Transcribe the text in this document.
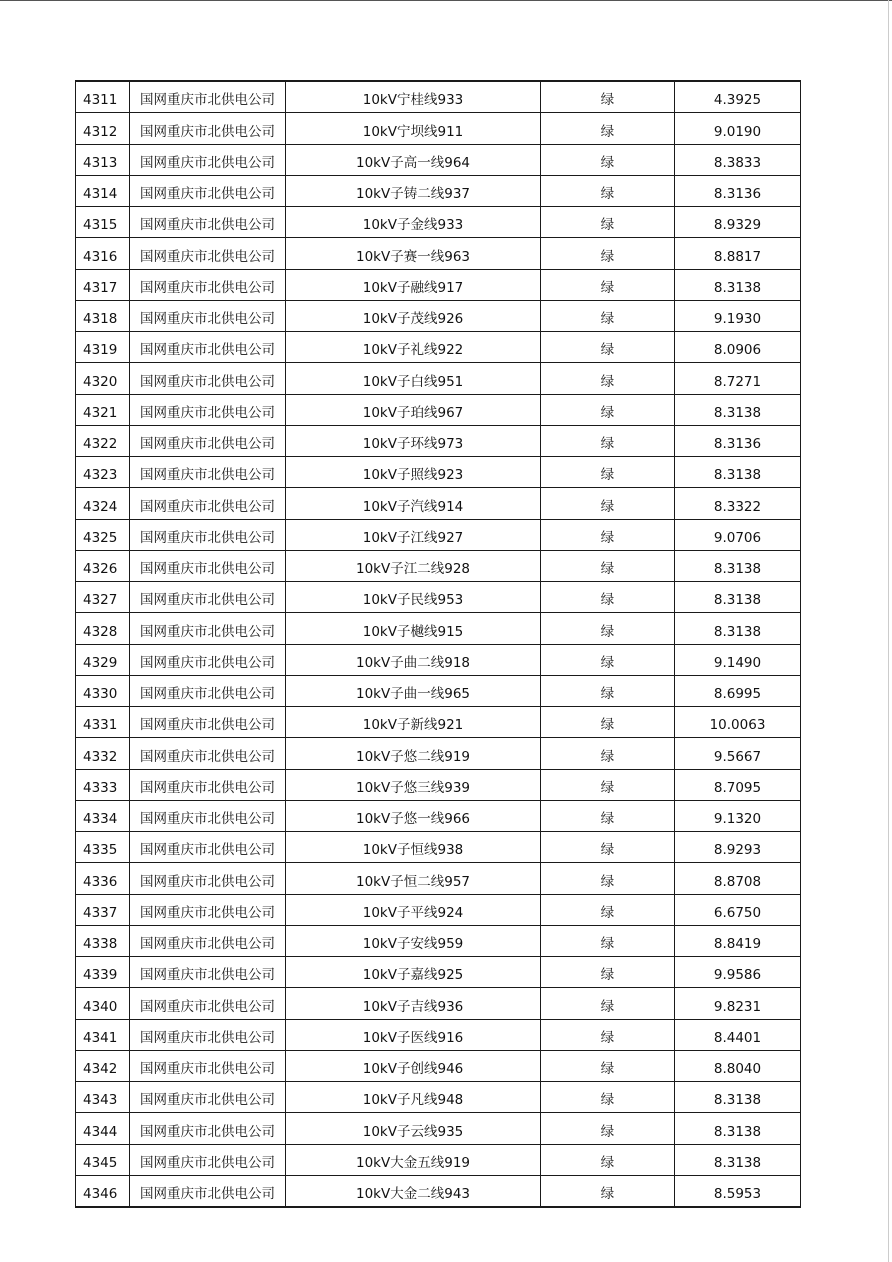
4311	国网重庆市北供电公司	10kV宁桂线933	绿	4.3925
4312	国网重庆市北供电公司	10kV宁坝线911	绿	9.0190
4313	国网重庆市北供电公司	10kV子高一线964	绿	8.3833
4314	国网重庆市北供电公司	10kV子铸二线937	绿	8.3136
4315	国网重庆市北供电公司	10kV子金线933	绿	8.9329
4316	国网重庆市北供电公司	10kV子赛一线963	绿	8.8817
4317	国网重庆市北供电公司	10kV子融线917	绿	8.3138
4318	国网重庆市北供电公司	10kV子茂线926	绿	9.1930
4319	国网重庆市北供电公司	10kV子礼线922	绿	8.0906
4320	国网重庆市北供电公司	10kV子白线951	绿	8.7271
4321	国网重庆市北供电公司	10kV子珀线967	绿	8.3138
4322	国网重庆市北供电公司	10kV子环线973	绿	8.3136
4323	国网重庆市北供电公司	10kV子照线923	绿	8.3138
4324	国网重庆市北供电公司	10kV子汽线914	绿	8.3322
4325	国网重庆市北供电公司	10kV子江线927	绿	9.0706
4326	国网重庆市北供电公司	10kV子江二线928	绿	8.3138
4327	国网重庆市北供电公司	10kV子民线953	绿	8.3138
4328	国网重庆市北供电公司	10kV子樾线915	绿	8.3138
4329	国网重庆市北供电公司	10kV子曲二线918	绿	9.1490
4330	国网重庆市北供电公司	10kV子曲一线965	绿	8.6995
4331	国网重庆市北供电公司	10kV子新线921	绿	10.0063
4332	国网重庆市北供电公司	10kV子悠二线919	绿	9.5667
4333	国网重庆市北供电公司	10kV子悠三线939	绿	8.7095
4334	国网重庆市北供电公司	10kV子悠一线966	绿	9.1320
4335	国网重庆市北供电公司	10kV子恒线938	绿	8.9293
4336	国网重庆市北供电公司	10kV子恒二线957	绿	8.8708
4337	国网重庆市北供电公司	10kV子平线924	绿	6.6750
4338	国网重庆市北供电公司	10kV子安线959	绿	8.8419
4339	国网重庆市北供电公司	10kV子嘉线925	绿	9.9586
4340	国网重庆市北供电公司	10kV子吉线936	绿	9.8231
4341	国网重庆市北供电公司	10kV子医线916	绿	8.4401
4342	国网重庆市北供电公司	10kV子创线946	绿	8.8040
4343	国网重庆市北供电公司	10kV子凡线948	绿	8.3138
4344	国网重庆市北供电公司	10kV子云线935	绿	8.3138
4345	国网重庆市北供电公司	10kV大金五线919	绿	8.3138
4346	国网重庆市北供电公司	10kV大金二线943	绿	8.5953
